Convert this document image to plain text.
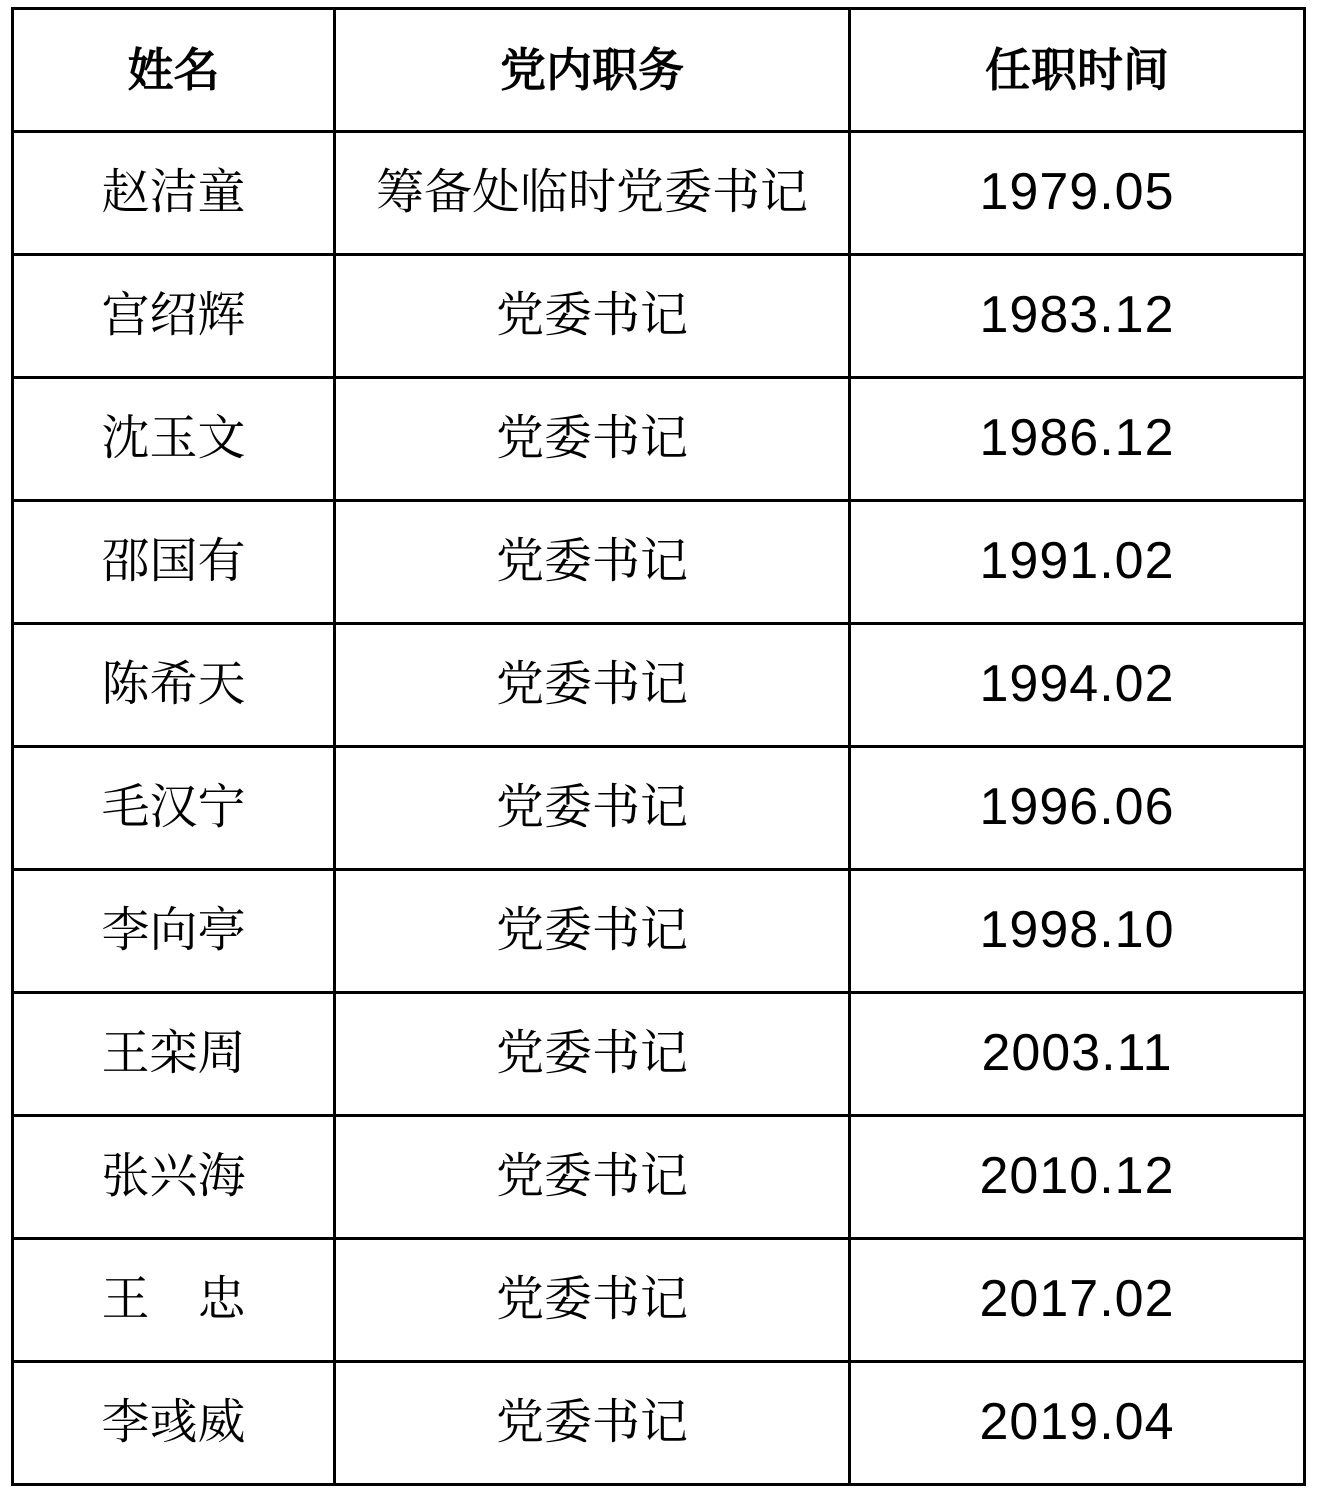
姓名	党内职务	任职时间
赵洁童	筹备处临时党委书记	1979.05
宫绍辉	党委书记	1983.12
沈玉文	党委书记	1986.12
邵国有	党委书记	1991.02
陈希天	党委书记	1994.02
毛汉宁	党委书记	1996.06
李向亭	党委书记	1998.10
王栾周	党委书记	2003.11
张兴海	党委书记	2010.12
王　忠	党委书记	2017.02
李彧威	党委书记	2019.04
